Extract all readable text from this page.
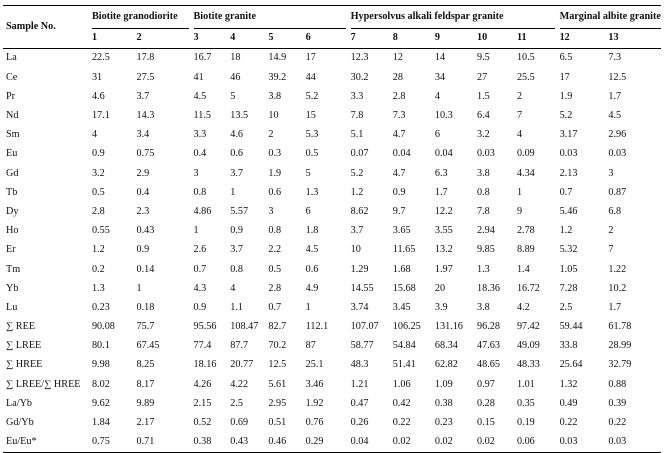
Sample No.		Biotite granodiorite			Biotite granite					Hypersolvus alkali feldspar granite						Marginal albite granite	
		1	2		3	4	5	6		7	8	9	10	11		12	13
La		22.5	17.8		16.7	18	14.9	17		12.3	12	14	9.5	10.5		6.5	7.3
Ce		31	27.5		41	46	39.2	44		30.2	28	34	27	25.5		17	12.5
Pr		4.6	3.7		4.5	5	3.8	5.2		3.3	2.8	4	1.5	2		1.9	1.7
Nd		17.1	14.3		11.5	13.5	10	15		7.8	7.3	10.3	6.4	7		5.2	4.5
Sm		4	3.4		3.3	4.6	2	5.3		5.1	4.7	6	3.2	4		3.17	2.96
Eu		0.9	0.75		0.4	0.6	0.3	0.5		0.07	0.04	0.04	0.03	0.09		0.03	0.03
Gd		3.2	2.9		3	3.7	1.9	5		5.2	4.7	6.3	3.8	4.34		2.13	3
Tb		0.5	0.4		0.8	1	0.6	1.3		1.2	0.9	1.7	0.8	1		0.7	0.87
Dy		2.8	2.3		4.86	5.57	3	6		8.62	9.7	12.2	7.8	9		5.46	6.8
Ho		0.55	0.43		1	0.9	0.8	1.8		3.7	3.65	3.55	2.94	2.78		1.2	2
Er		1.2	0.9		2.6	3.7	2.2	4.5		10	11.65	13.2	9.85	8.89		5.32	7
Tm		0.2	0.14		0.7	0.8	0.5	0.6		1.29	1.68	1.97	1.3	1.4		1.05	1.22
Yb		1.3	1		4.3	4	2.8	4.9		14.55	15.68	20	18.36	16.72		7.28	10.2
Lu		0.23	0.18		0.9	1.1	0.7	1		3.74	3.45	3.9	3.8	4.2		2.5	1.7
∑ REE		90.08	75.7		95.56	108.47	82.7	112.1		107.07	106.25	131.16	96.28	97.42		59.44	61.78
∑ LREE		80.1	67.45		77.4	87.7	70.2	87		58.77	54.84	68.34	47.63	49.09		33.8	28.99
∑ HREE		9.98	8.25		18.16	20.77	12.5	25.1		48.3	51.41	62.82	48.65	48.33		25.64	32.79
∑ LREE/∑ HREE		8.02	8.17		4.26	4.22	5.61	3.46		1.21	1.06	1.09	0.97	1.01		1.32	0.88
La/Yb		9.62	9.89		2.15	2.5	2.95	1.92		0.47	0.42	0.38	0.28	0.35		0.49	0.39
Gd/Yb		1.84	2.17		0.52	0.69	0.51	0.76		0.26	0.22	0.23	0.15	0.19		0.22	0.22
Eu/Eu*		0.75	0.71		0.38	0.43	0.46	0.29		0.04	0.02	0.02	0.02	0.06		0.03	0.03
